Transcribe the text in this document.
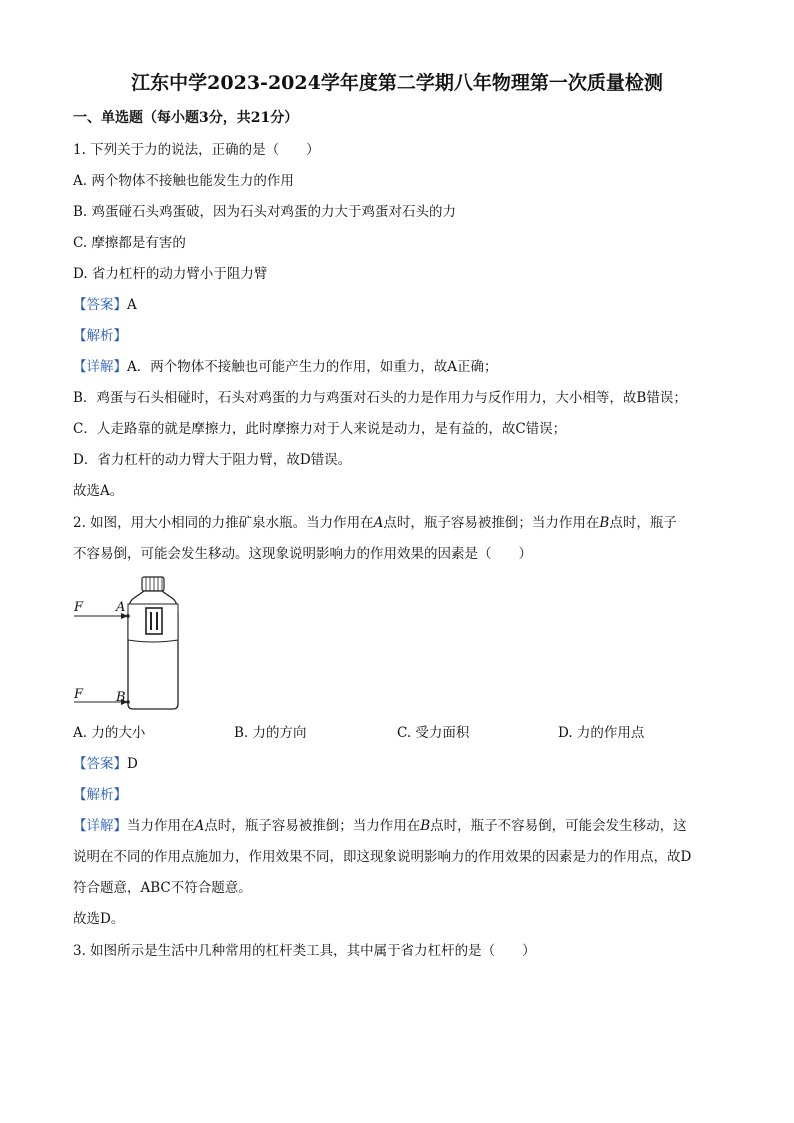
江东中学2023-2024学年度第二学期八年物理第一次质量检测
一、单选题（每小题3分，共21分）
1. 下列关于力的说法，正确的是（　　）
A. 两个物体不接触也能发生力的作用
B. 鸡蛋碰石头鸡蛋破，因为石头对鸡蛋的力大于鸡蛋对石头的力
C. 摩擦都是有害的
D. 省力杠杆的动力臂小于阻力臂
【答案】A
【解析】
【详解】A．两个物体不接触也可能产生力的作用，如重力，故A正确；
B．鸡蛋与石头相碰时，石头对鸡蛋的力与鸡蛋对石头的力是作用力与反作用力，大小相等，故B错误；
C．人走路靠的就是摩擦力，此时摩擦力对于人来说是动力，是有益的，故C错误；
D．省力杠杆的动力臂大于阻力臂，故D错误。
故选A。
2. 如图，用大小相同的力推矿泉水瓶。当力作用在A点时，瓶子容易被推倒；当力作用在B点时，瓶子
不容易倒，可能会发生移动。这现象说明影响力的作用效果的因素是（　　）
F	A
F	B
A. 力的大小	B. 力的方向	C. 受力面积	D. 力的作用点
【答案】D
【解析】
【详解】当力作用在A点时，瓶子容易被推倒；当力作用在B点时，瓶子不容易倒，可能会发生移动，这
说明在不同的作用点施加力，作用效果不同，即这现象说明影响力的作用效果的因素是力的作用点，故D
符合题意，ABC不符合题意。
故选D。
3. 如图所示是生活中几种常用的杠杆类工具，其中属于省力杠杆的是（　　）
